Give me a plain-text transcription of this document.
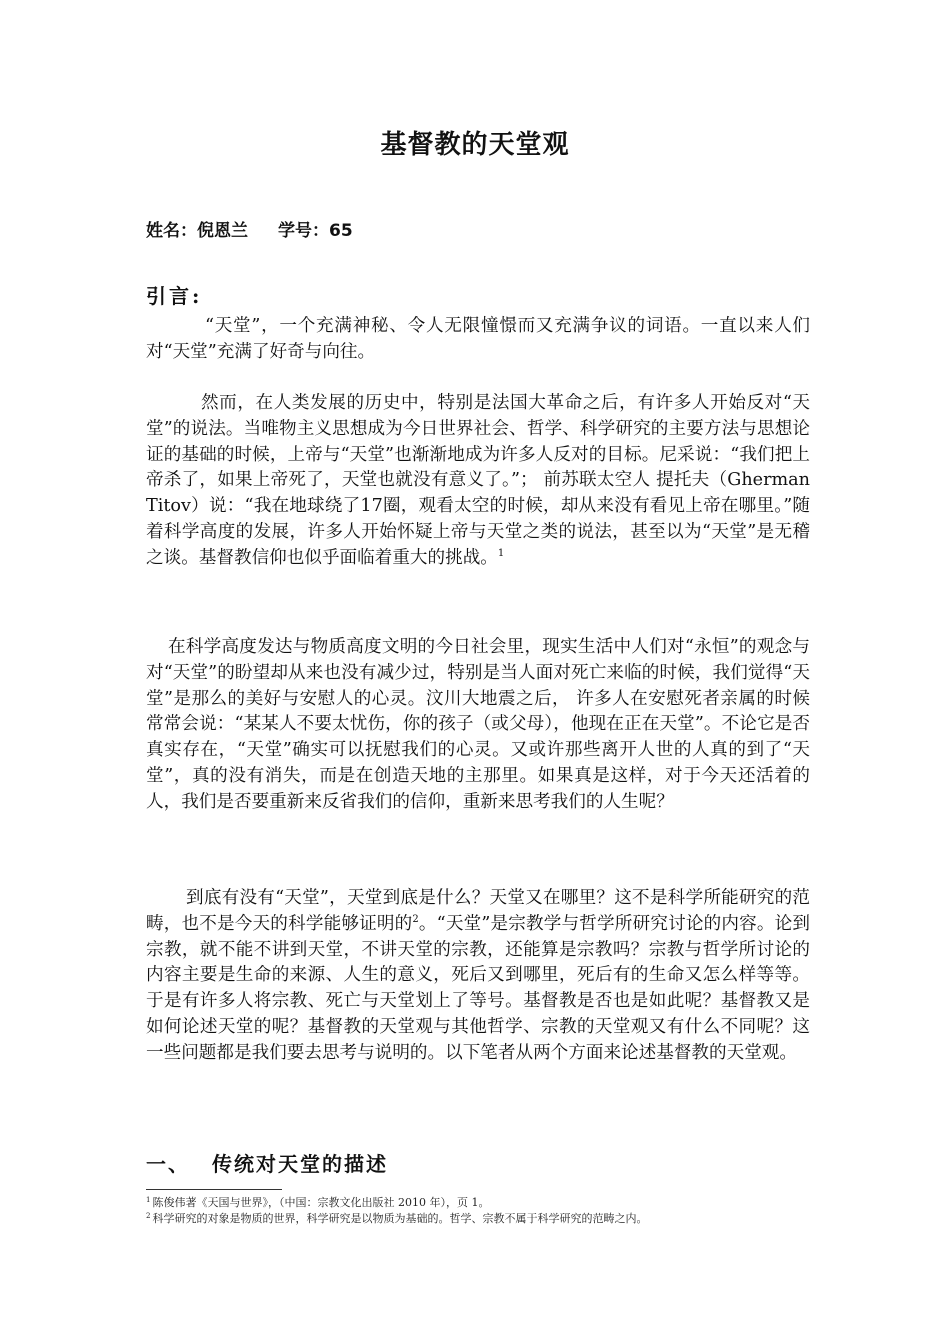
基督教的天堂观
姓名：倪恩兰 学号：65
引言:

“天堂”，一个充满神秘、令人无限憧憬而又充满争议的词语。一直以来人们对“天堂”充满了好奇与向往。

然而，在人类发展的历史中，特别是法国大革命之后，有许多人开始反对“天堂”的说法。当唯物主义思想成为今日世界社会、哲学、科学研究的主要方法与思想论证的基础的时候，上帝与“天堂”也渐渐地成为许多人反对的目标。尼采说：“我们把上帝杀了，如果上帝死了，天堂也就没有意义了。”； 前苏联太空人 提托夫（Gherman Titov）说：“我在地球绕了17圈，观看太空的时候，却从来没有看见上帝在哪里。”随着科学高度的发展，许多人开始怀疑上帝与天堂之类的说法，甚至以为“天堂”是无稽之谈。基督教信仰也似乎面临着重大的挑战。$^1$

在科学高度发达与物质高度文明的今日社会里，现实生活中人们对“永恒”的观念与对“天堂”的盼望却从来也没有减少过，特别是当人面对死亡来临的时候，我们觉得“天堂”是那么的美好与安慰人的心灵。汶川大地震之后， 许多人在安慰死者亲属的时候常常会说：“某某人不要太忧伤，你的孩子（或父母），他现在正在天堂”。不论它是否真实存在，“天堂”确实可以抚慰我们的心灵。又或许那些离开人世的人真的到了“天堂”，真的没有消失，而是在创造天地的主那里。如果真是这样，对于今天还活着的人，我们是否要重新来反省我们的信仰，重新来思考我们的人生呢？

到底有没有“天堂”，天堂到底是什么？天堂又在哪里？这不是科学所能研究的范畴，也不是今天的科学能够证明的$^2$。“天堂”是宗教学与哲学所研究讨论的内容。论到宗教，就不能不讲到天堂，不讲天堂的宗教，还能算是宗教吗？宗教与哲学所讨论的内容主要是生命的来源、人生的意义，死后又到哪里，死后有的生命又怎么样等等。于是有许多人将宗教、死亡与天堂划上了等号。基督教是否也是如此呢？基督教又是如何论述天堂的呢？基督教的天堂观与其他哲学、宗教的天堂观又有什么不同呢？这一些问题都是我们要去思考与说明的。以下笔者从两个方面来论述基督教的天堂观。

一、 传统对天堂的描述
$^1$ 陈俊伟著《天国与世界》，（中国：宗教文化出版社 2010 年），页 1。
$^2$ 科学研究的对象是物质的世界，科学研究是以物质为基础的。哲学、宗教不属于科学研究的范畴之内。
